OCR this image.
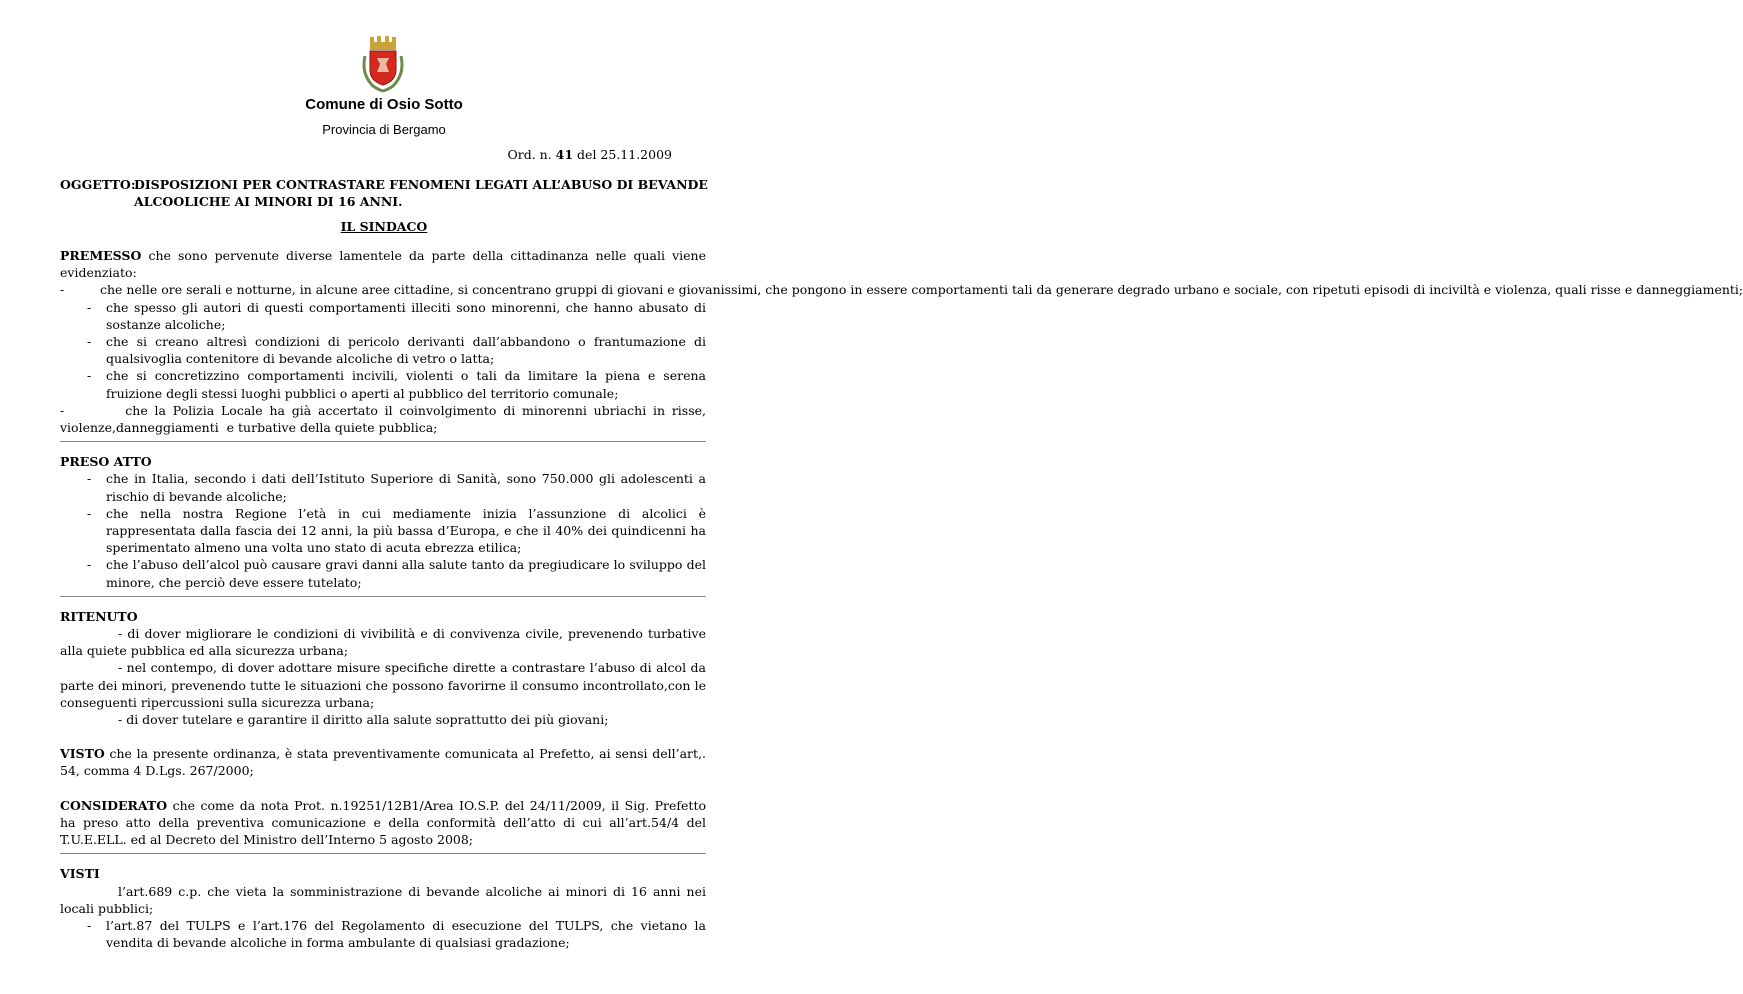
Comune di Osio Sotto
Provincia di Bergamo
Ord. n. 41 del 25.11.2009
OGGETTO:DISPOSIZIONI PER CONTRASTARE FENOMENI LEGATI ALL’ABUSO DI BEVANDE
ALCOOLICHE AI MINORI DI 16 ANNI.
IL SINDACO

PREMESSO che sono pervenute diverse lamentele da parte della cittadinanza nelle quali viene evidenziato:

-         che nelle ore serali e notturne, in alcune aree cittadine, si concentrano gruppi di giovani e giovanissimi, che pongono in essere comportamenti tali da generare degrado urbano e sociale, con ripetuti episodi di inciviltà e violenza, quali risse e danneggiamenti;

- che spesso gli autori di questi comportamenti illeciti sono minorenni, che hanno abusato di sostanze alcoliche;
- che si creano altresì condizioni di pericolo derivanti dall’abbandono o frantumazione di qualsivoglia contenitore di bevande alcoliche di vetro o latta;
- che si concretizzino comportamenti incivili, violenti o tali da limitare la piena e serena fruizione degli stessi luoghi pubblici o aperti al pubblico del territorio comunale;

-         che la Polizia Locale ha già accertato il coinvolgimento di minorenni ubriachi in risse, violenze,danneggiamenti  e turbative della quiete pubblica;

PRESO ATTO

- che in Italia, secondo i dati dell’Istituto Superiore di Sanità, sono 750.000 gli adolescenti a rischio di bevande alcoliche;
- che nella nostra Regione l’età in cui mediamente inizia l’assunzione di alcolici è rappresentata dalla fascia dei 12 anni, la più bassa d’Europa, e che il 40% dei quindicenni ha sperimentato almeno una volta uno stato di acuta ebrezza etilica;
- che l’abuso dell’alcol può causare gravi danni alla salute tanto da pregiudicare lo sviluppo del minore, che perciò deve essere tutelato;

RITENUTO

- di dover migliorare le condizioni di vivibilità e di convivenza civile, prevenendo turbative alla quiete pubblica ed alla sicurezza urbana;

- nel contempo, di dover adottare misure specifiche dirette a contrastare l’abuso di alcol da parte dei minori, prevenendo tutte le situazioni che possono favorirne il consumo incontrollato,con le conseguenti ripercussioni sulla sicurezza urbana;

- di dover tutelare e garantire il diritto alla salute soprattutto dei più giovani;

VISTO che la presente ordinanza, è stata preventivamente comunicata al Prefetto, ai sensi dell’art,. 54, comma 4 D.Lgs. 267/2000;

CONSIDERATO che come da nota Prot. n.19251/12B1/Area IO.S.P. del 24/11/2009, il Sig. Prefetto ha preso atto della preventiva comunicazione e della conformità dell’atto di cui all’art.54/4 del T.U.E.ELL. ed al Decreto del Ministro dell’Interno 5 agosto 2008;

VISTI

l’art.689 c.p. che vieta la somministrazione di bevande alcoliche ai minori di 16 anni nei locali pubblici;

- l’art.87 del TULPS e l’art.176 del Regolamento di esecuzione del TULPS, che vietano la vendita di bevande alcoliche in forma ambulante di qualsiasi gradazione;
